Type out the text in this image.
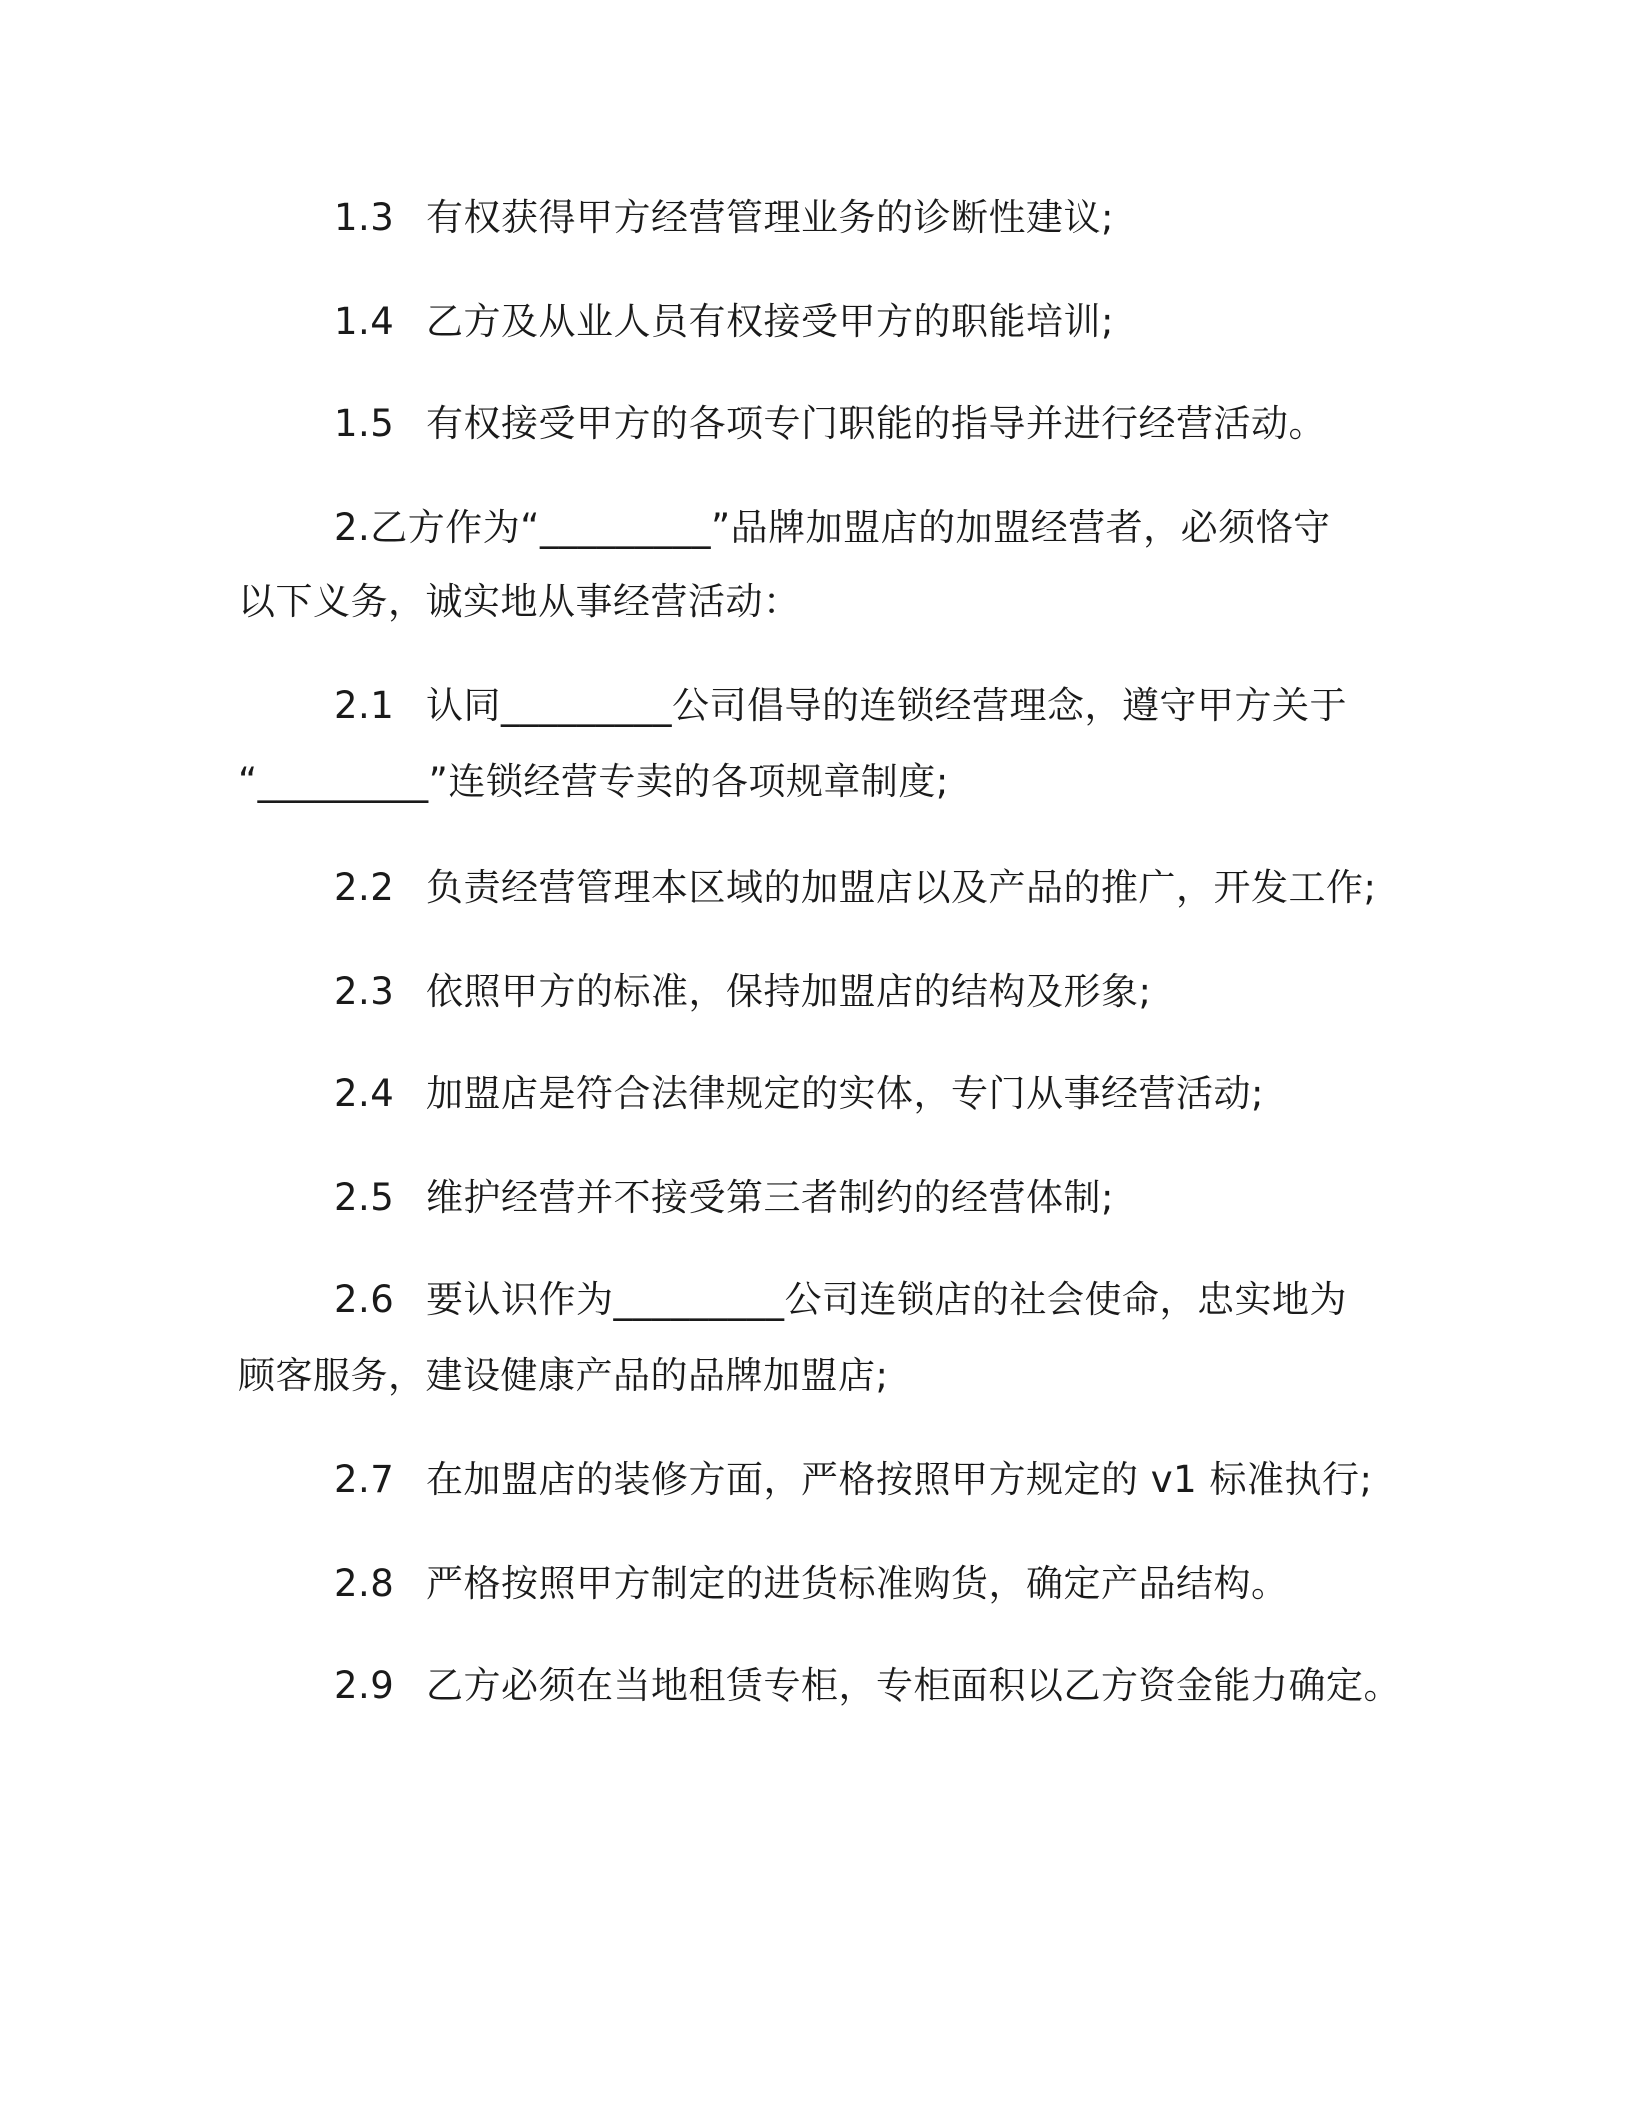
1.3 有权获得甲方经营管理业务的诊断性建议;
1.4 乙方及从业人员有权接受甲方的职能培训;
1.5 有权接受甲方的各项专门职能的指导并进行经营活动。
2.乙方作为“_________”品牌加盟店的加盟经营者，必须恪守
以下义务，诚实地从事经营活动：
2.1 认同_________公司倡导的连锁经营理念，遵守甲方关于
“_________”连锁经营专卖的各项规章制度;
2.2 负责经营管理本区域的加盟店以及产品的推广，开发工作;
2.3 依照甲方的标准，保持加盟店的结构及形象;
2.4 加盟店是符合法律规定的实体，专门从事经营活动;
2.5 维护经营并不接受第三者制约的经营体制;
2.6 要认识作为_________公司连锁店的社会使命，忠实地为
顾客服务，建设健康产品的品牌加盟店;
2.7 在加盟店的装修方面，严格按照甲方规定的 v1 标准执行;
2.8 严格按照甲方制定的进货标准购货，确定产品结构。
2.9 乙方必须在当地租赁专柜，专柜面积以乙方资金能力确定。
